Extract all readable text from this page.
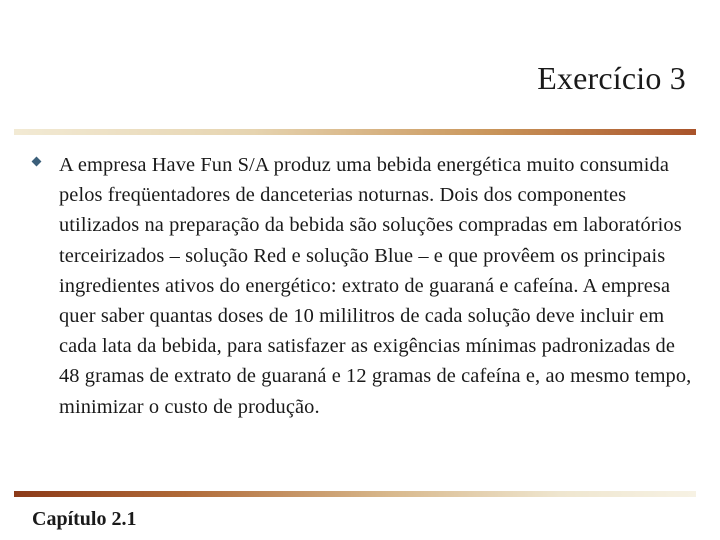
Exercício 3

A empresa Have Fun S/A produz uma bebida energética muito consumida pelos freqüentadores de danceterias noturnas. Dois dos componentes utilizados na preparação da bebida são soluções compradas em laboratórios terceirizados – solução Red e solução Blue – e que provêem os principais ingredientes ativos do energético: extrato de guaraná e cafeína. A empresa quer saber quantas doses de 10 mililitros de cada solução deve incluir em cada lata da bebida, para satisfazer as exigências mínimas padronizadas de 48 gramas de extrato de guaraná e 12 gramas de cafeína e, ao mesmo tempo, minimizar o custo de produção.

Capítulo 2.1
